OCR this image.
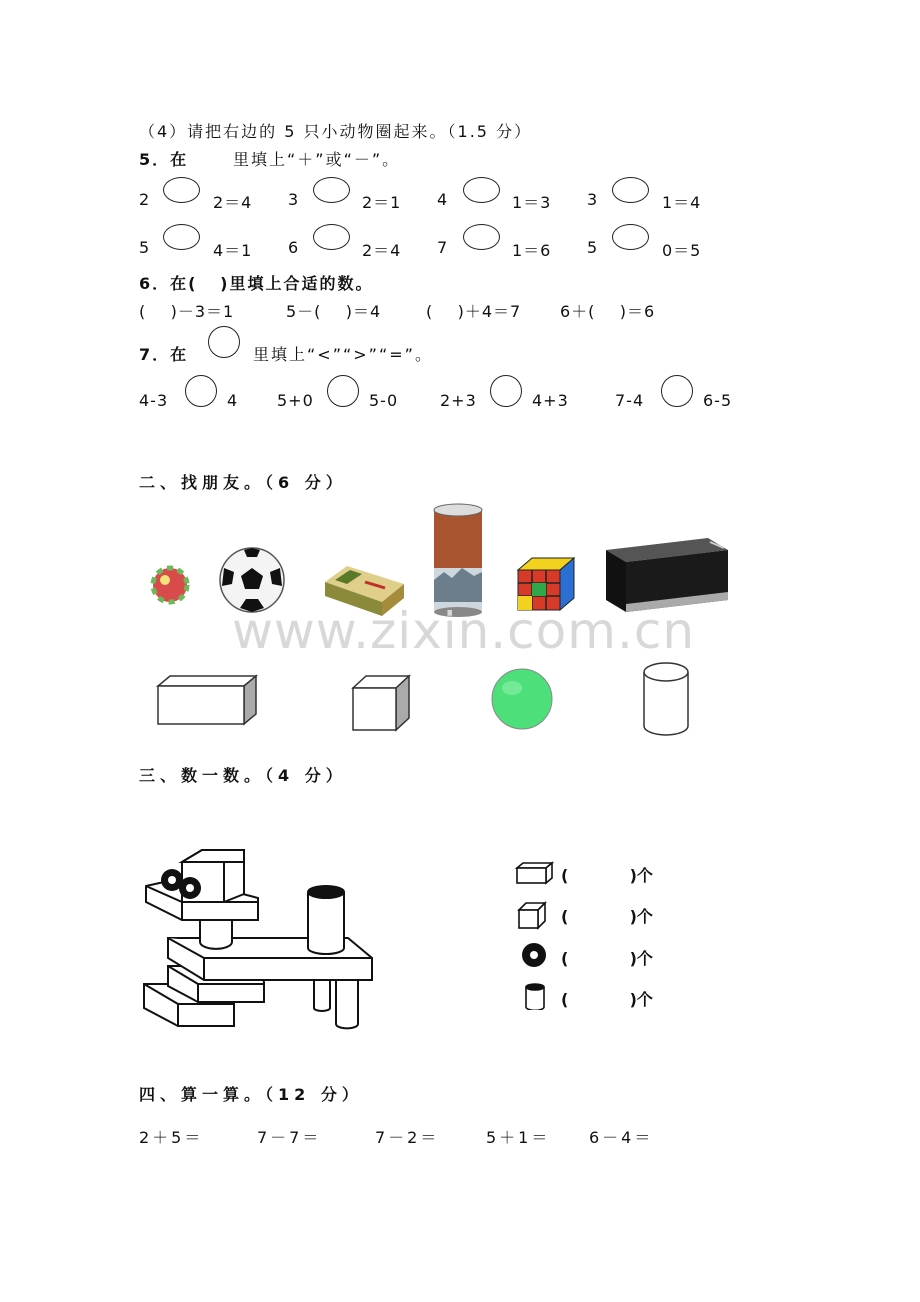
（4）请把右边的 5 只小动物圈起来。（1.5 分）
5．在	里填上“＋”或“－”。
2	2＝4 3	2＝1 4	1＝3 3	1＝4
5	4＝1 6	2＝4 7	1＝6 5	0＝5
6．在(   )里填上合适的数。
(    )－3＝1	5－(    )＝4	(    )＋4＝7 6＋(    )＝6
7．在	里填上“<”“>”“=”。
4-3	4 5+0	5-0	2+3	4+3	7-4	6-5
二、找朋友。（6 分）
www.zixin.com.cn
三、数一数。（4 分）
(           )个
(           )个
(           )个
(           )个
四、算一算。（12 分）
2＋5＝	7－7＝	7－2＝	5＋1＝ 6－4＝
